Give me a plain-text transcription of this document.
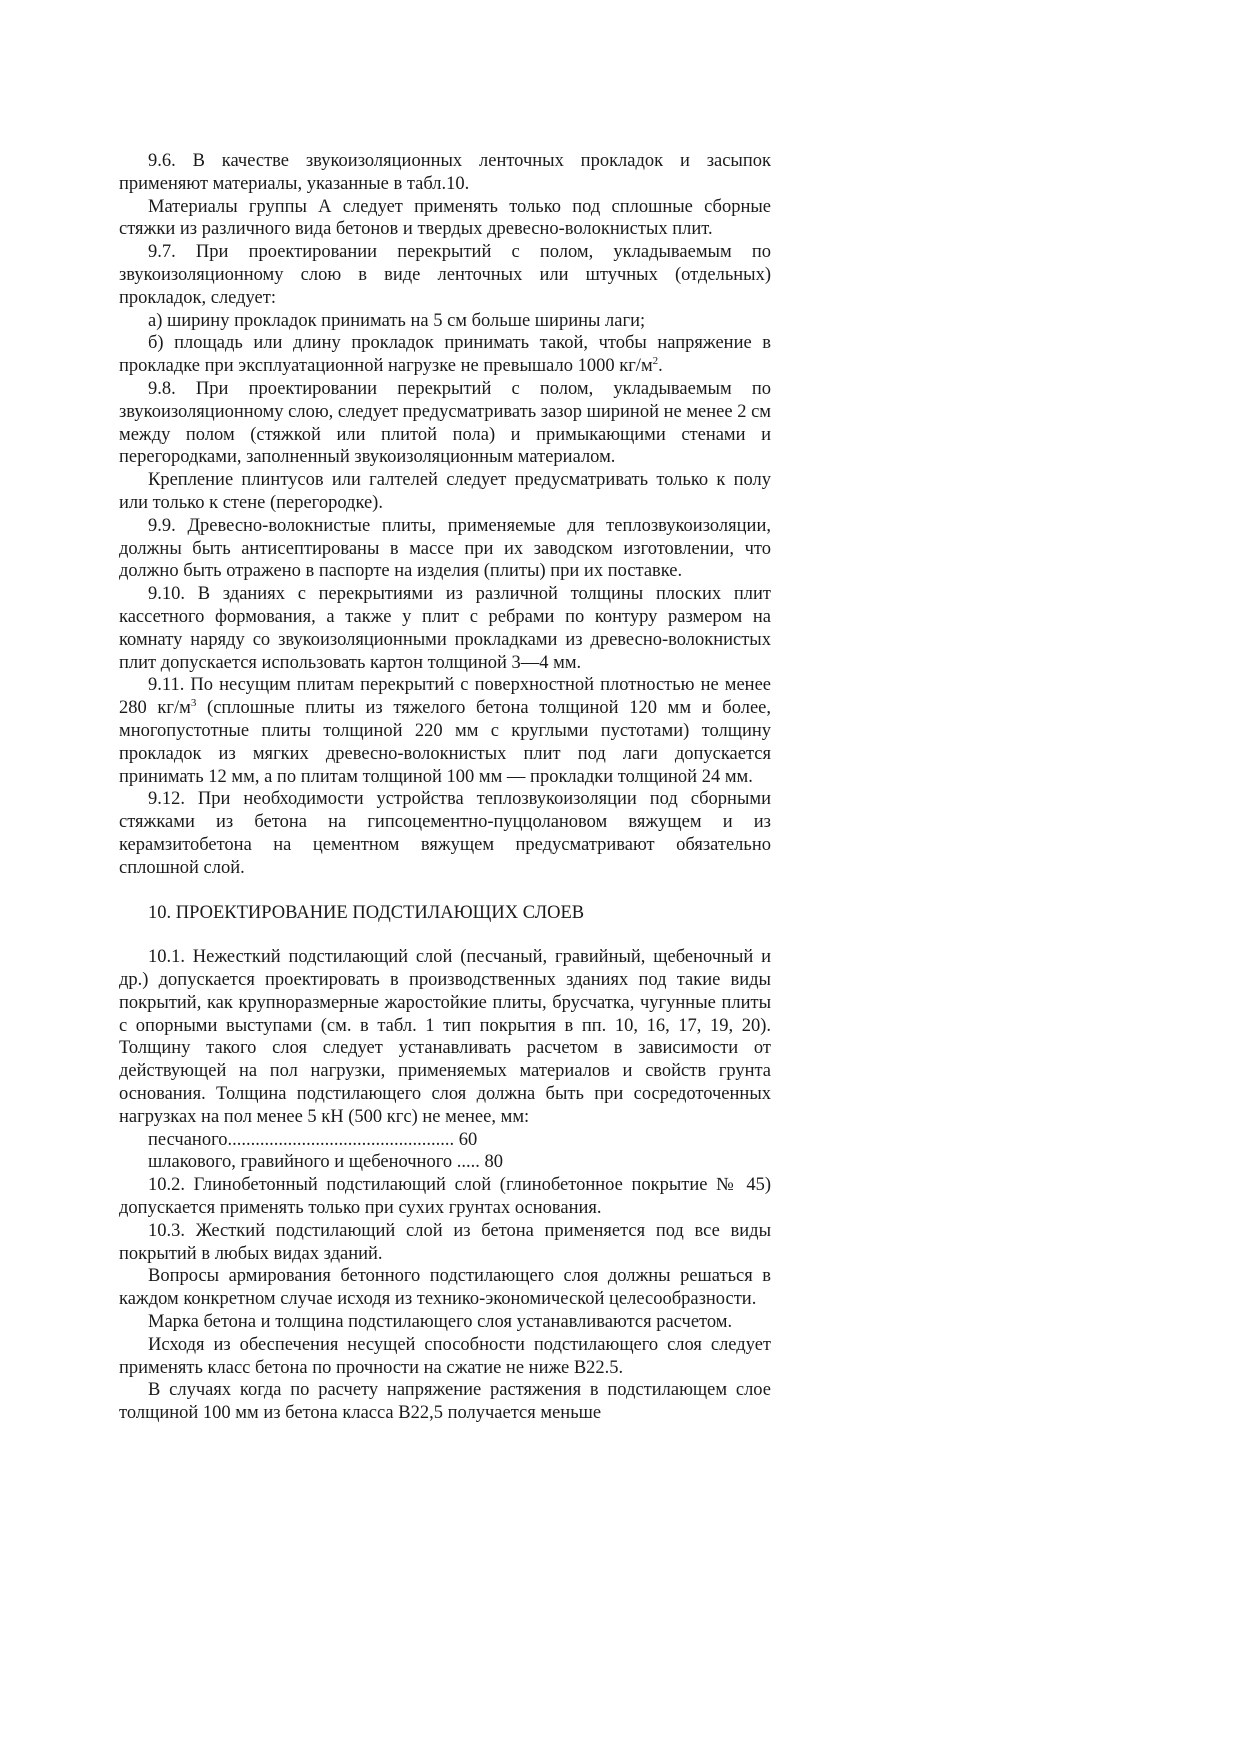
9.6. В качестве звукоизоляционных ленточных прокладок и засыпок применяют материалы, указанные в табл.10.

Материалы группы А следует применять только под сплошные сборные стяжки из различного вида бетонов и твердых древесно-волокнистых плит.

9.7. При проектировании перекрытий с полом, укладываемым по звукоизоляционному слою в виде ленточных или штучных (отдельных) прокладок, следует:

а) ширину прокладок принимать на 5 см больше ширины лаги;

б) площадь или длину прокладок принимать такой, чтобы напряжение в прокладке при эксплуатационной нагрузке не превышало 1000 $кг/м^2$.

9.8. При проектировании перекрытий с полом, укладываемым по звукоизоляционному слою, следует предусматривать зазор шириной не менее 2 см между полом (стяжкой или плитой пола) и примыкающими стенами и перегородками, заполненный звукоизоляционным материалом.

Крепление плинтусов или галтелей следует предусматривать только к полу или только к стене (перегородке).

9.9. Древесно-волокнистые плиты, применяемые для теплозвукоизоляции, должны быть антисептированы в массе при их заводском изготовлении, что должно быть отражено в паспорте на изделия (плиты) при их поставке.

9.10. В зданиях с перекрытиями из различной толщины плоских плит кассетного формования, а также у плит с ребрами по контуру размером на комнату наряду со звукоизоляционными прокладками из древесно-волокнистых плит допускается использовать картон толщиной 3—4 мм.

9.11. По несущим плитам перекрытий с поверхностной плотностью не менее 280 $кг/м^3$ (сплошные плиты из тяжелого бетона толщиной 120 мм и более, многопустотные плиты толщиной 220 мм с круглыми пустотами) толщину прокладок из мягких древесно-волокнистых плит под лаги допускается принимать 12 мм, а по плитам толщиной 100 мм — прокладки толщиной 24 мм.

9.12. При необходимости устройства теплозвукоизоляции под сборными стяжками из бетона на гипсоцементно-пуццолановом вяжущем и из керамзитобетона на цементном вяжущем предусматривают обязательно сплошной слой.

10. ПРОЕКТИРОВАНИЕ ПОДСТИЛАЮЩИХ СЛОЕВ

10.1. Нежесткий подстилающий слой (песчаный, гравийный, щебеночный и др.) допускается проектировать в производственных зданиях под такие виды покрытий, как крупноразмерные жаростойкие плиты, брусчатка, чугунные плиты с опорными выступами (см. в табл. 1 тип покрытия в пп. 10, 16, 17, 19, 20). Толщину такого слоя следует устанавливать расчетом в зависимости от действующей на пол нагрузки, применяемых материалов и свойств грунта основания. Толщина подстилающего слоя должна быть при сосредоточенных нагрузках на пол менее 5 кН (500 кгс) не менее, мм:

песчаного................................................. 60

шлакового, гравийного и щебеночного ..... 80

10.2. Глинобетонный подстилающий слой (глинобетонное покрытие № 45) допускается применять только при сухих грунтах основания.

10.3. Жесткий подстилающий слой из бетона применяется под все виды покрытий в любых видах зданий.

Вопросы армирования бетонного подстилающего слоя должны решаться в каждом конкретном случае исходя из технико-экономической целесообразности.

Марка бетона и толщина подстилающего слоя устанавливаются расчетом.

Исходя из обеспечения несущей способности подстилающего слоя следует применять класс бетона по прочности на сжатие не ниже В22.5.

В случаях когда по расчету напряжение растяжения в подстилающем слое толщиной 100 мм из бетона класса В22,5 получается меньше
